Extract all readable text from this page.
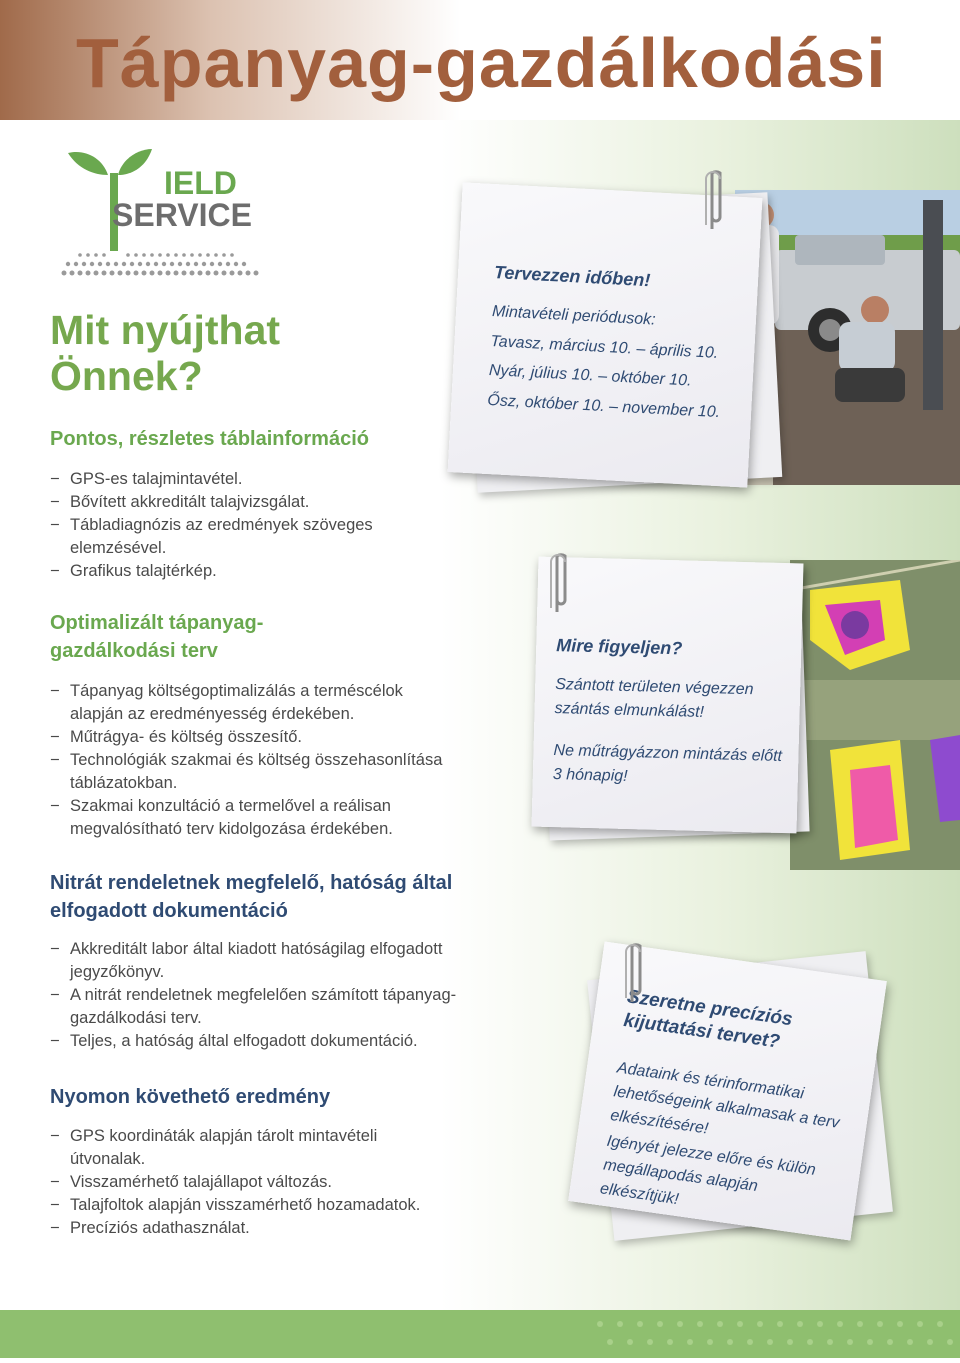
Tápanyag-gazdálkodási
IELD
SERVICE
Mit nyújthat Önnek?
Pontos, részletes táblainformáció
− GPS-es talajmintavétel.
− Bővített akkreditált talajvizsgálat.
− Tábladiagnózis az eredmények szöveges elemzésével.
− Grafikus talajtérkép.
Optimalizált tápanyag-gazdálkodási terv
− Tápanyag költségoptimalizálás a terméscélok alapján az eredményesség érdekében.
− Műtrágya- és költség összesítő.
− Technológiák szakmai és költség összehasonlítása táblázatokban.
− Szakmai konzultáció a termelővel a reálisan megvalósítható terv kidolgozása érdekében.
Nitrát rendeletnek megfelelő, hatóság által elfogadott dokumentáció
− Akkreditált labor által kiadott hatóságilag elfogadott jegyzőkönyv.
− A nitrát rendeletnek megfelelően számított tápanyag-gazdálkodási terv.
− Teljes, a hatóság által elfogadott dokumentáció.
Nyomon követhető eredmény
− GPS koordináták alapján tárolt mintavételi útvonalak.
− Visszamérhető talajállapot változás.
− Talajfoltok alapján visszamérhető hozamadatok.
− Precíziós adathasználat.
Tervezzen időben!
Mintavételi periódusok:
Tavasz, március 10. – április 10.
Nyár, július 10. – október 10.
Ősz, október 10. – november 10.
Mire figyeljen?
Szántott területen végezzen szántás elmunkálást!
Ne műtrágyázzon mintázás előtt 3 hónapig!
Szeretne precíziós kijuttatási tervet?
Adataink és térinformatikai lehetőségeink alkalmasak a terv elkészítésére!
Igényét jelezze előre és külön megállapodás alapján elkészítjük!
